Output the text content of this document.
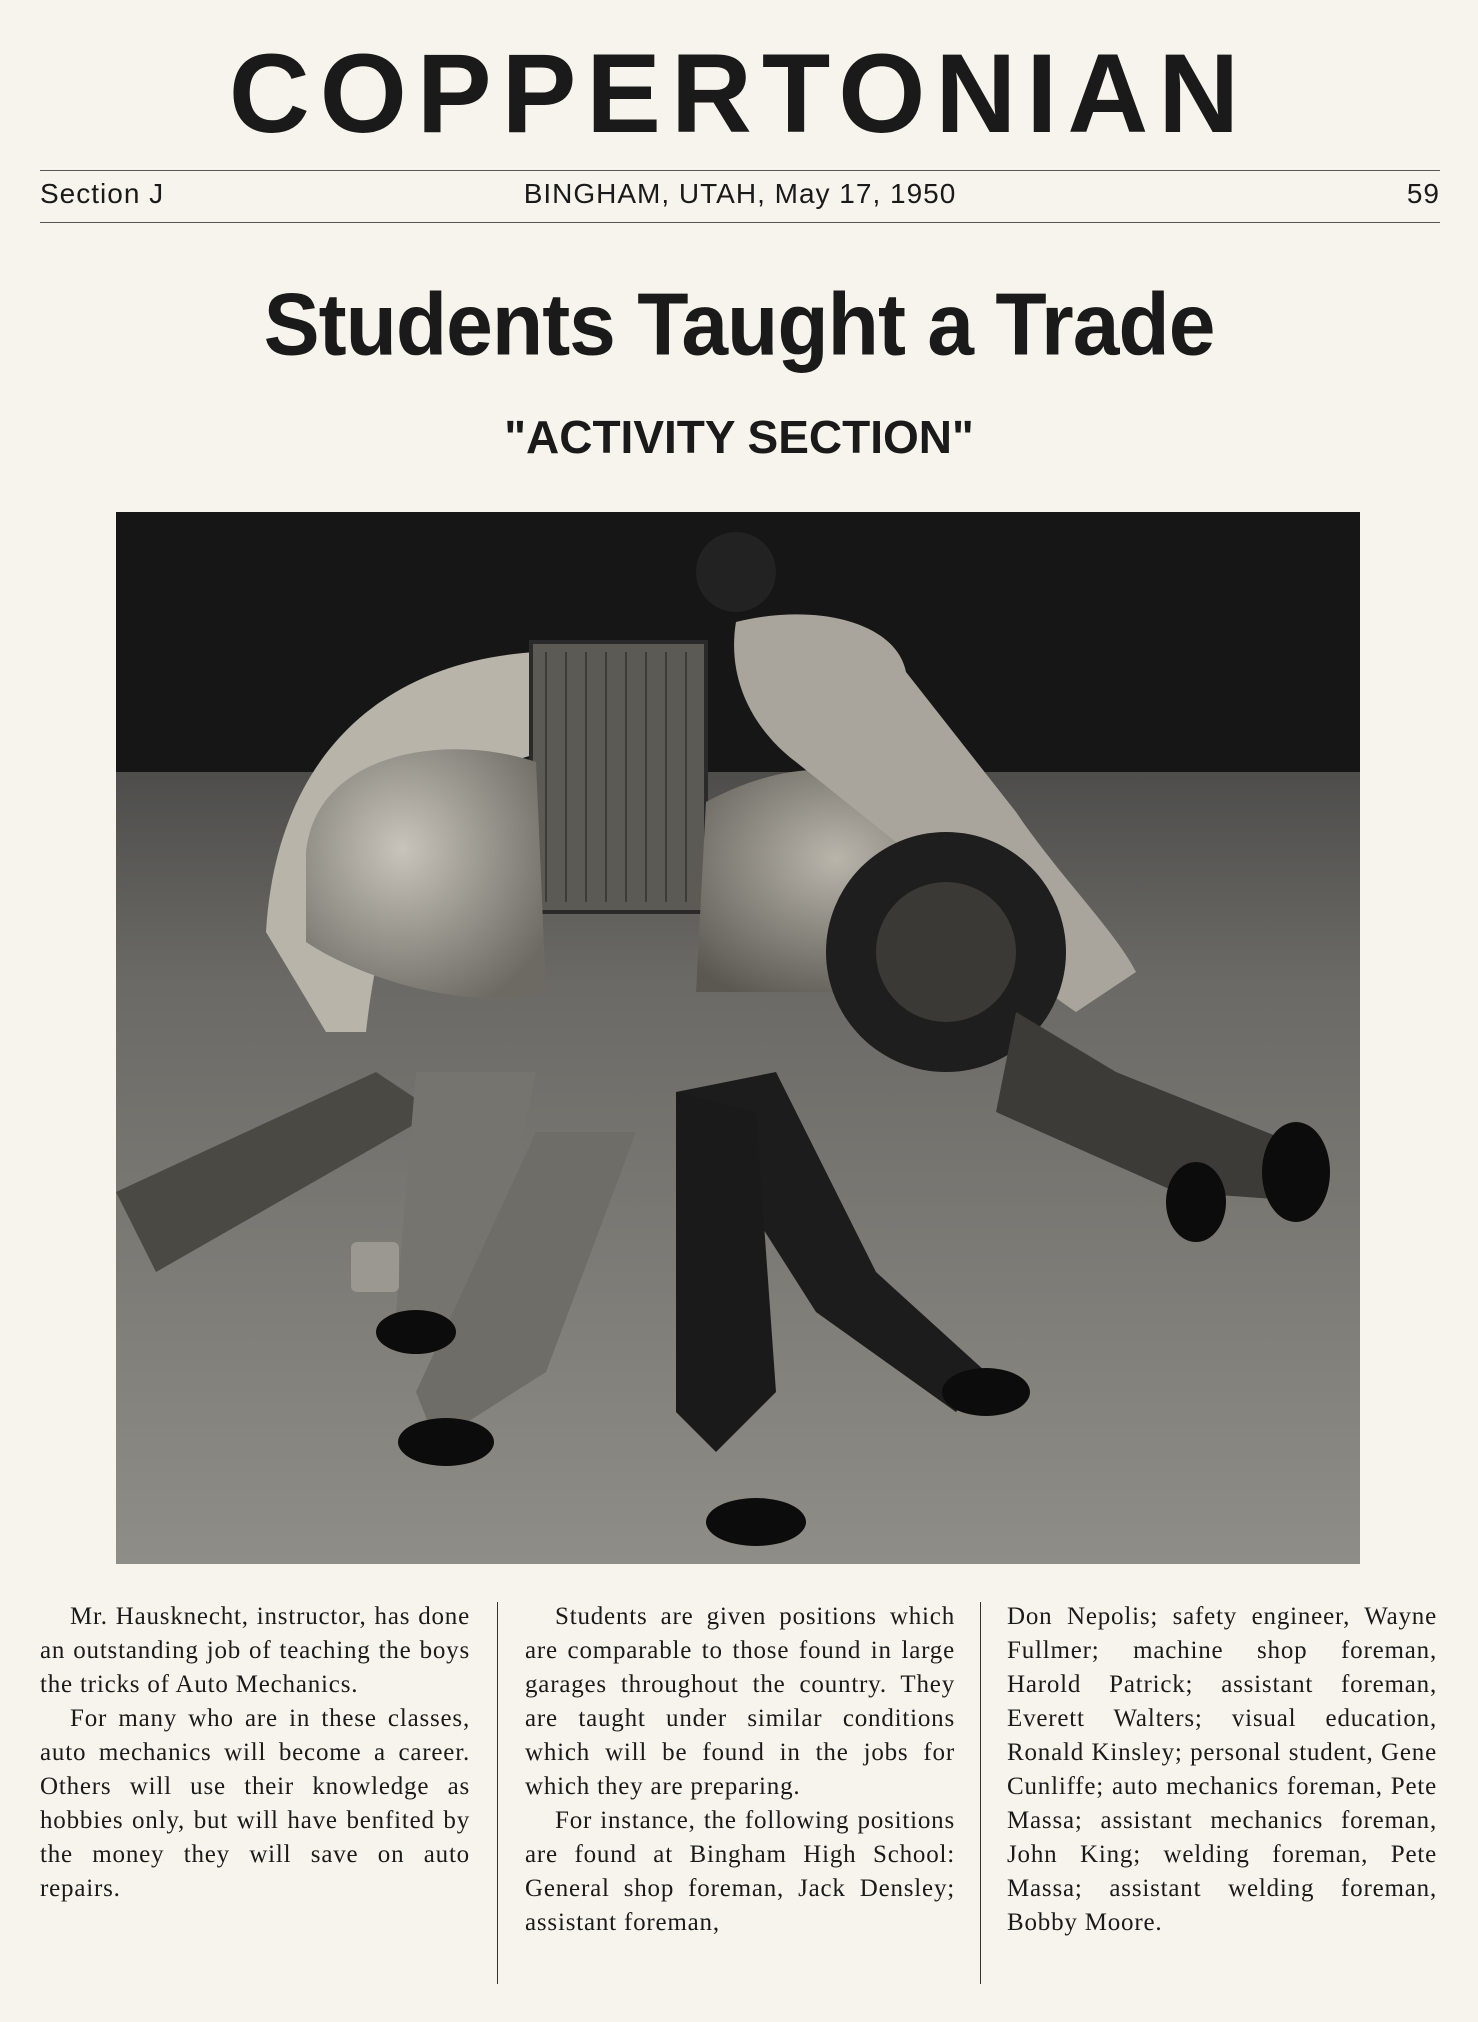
COPPERTONIAN
BINGHAM, UTAH, May 17, 1950
Section J	59
Students Taught a Trade
"ACTIVITY SECTION"

Mr. Hausknecht, instructor, has done an outstanding job of teaching the boys the tricks of Auto Mechanics.

For many who are in these classes, auto mechanics will become a career. Others will use their knowledge as hobbies only, but will have benfited by the money they will save on auto repairs.

Students are given positions which are comparable to those found in large garages throughout the country. They are taught under similar conditions which will be found in the jobs for which they are preparing.

For instance, the following positions are found at Bingham High School: General shop foreman, Jack Densley; assistant foreman,

Don Nepolis; safety engineer, Wayne Fullmer; machine shop foreman, Harold Patrick; assistant foreman, Everett Walters; visual education, Ronald Kinsley; personal student, Gene Cunliffe; auto mechanics foreman, Pete Massa; assistant mechanics foreman, John King; welding foreman, Pete Massa; assistant welding foreman, Bobby Moore.
